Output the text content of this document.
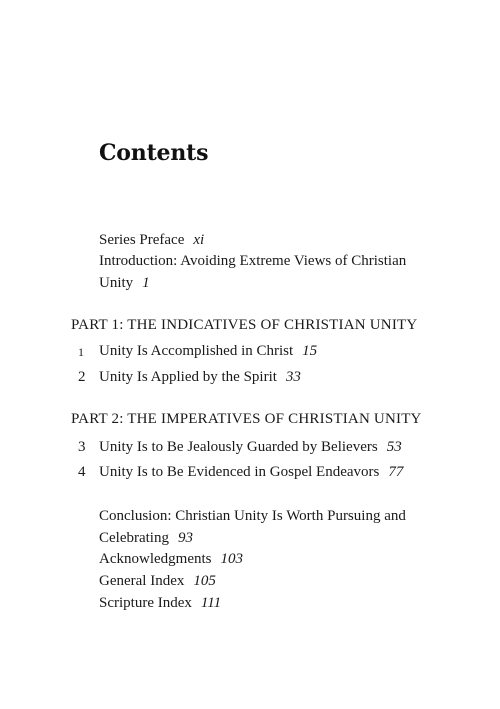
Contents
Series Preface xi
Introduction: Avoiding Extreme Views of Christian Unity 1
PART 1: THE INDICATIVES OF CHRISTIAN UNITY
1 Unity Is Accomplished in Christ 15
2 Unity Is Applied by the Spirit 33
PART 2: THE IMPERATIVES OF CHRISTIAN UNITY
3 Unity Is to Be Jealously Guarded by Believers 53
4 Unity Is to Be Evidenced in Gospel Endeavors 77
Conclusion: Christian Unity Is Worth Pursuing and Celebrating 93
Acknowledgments 103
General Index 105
Scripture Index 111
